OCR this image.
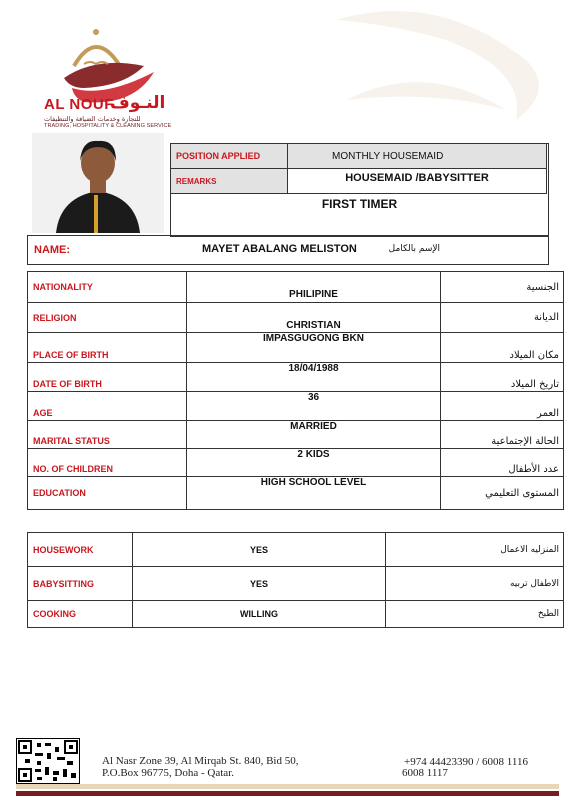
AL NOUF
النـوف
للتجارة وخدمات الضيافة والتنظيفات
TRADING, HOSPITALITY & CLEANING SERVICE
POSITION APPLIED	MONTHLY HOUSEMAID

REMARKS	HOUSEMAID /BABYSITTER
FIRST TIMER
NAME:	MAYET ABALANG MELISTON	الإسم بالكامل
NATIONALITY	PHILIPINE	الجنسية

RELIGION	CHRISTIAN	الديانة

PLACE OF BIRTH	IMPASGUGONG BKN	مكان الميلاد

DATE OF BIRTH	18/04/1988	تاريخ الميلاد

AGE	36	العمر

MARITAL STATUS	MARRIED	الحالة الإجتماعية

NO. OF CHILDREN	2 KIDS	عدد الأطفال

EDUCATION	HIGH SCHOOL LEVEL	المستوى التعليمي
HOUSEWORK	YES	المنزليه الاعمال

BABYSITTING	YES	الاطفال تربيه

COOKING	WILLING	الطبخ
Al Nasr Zone 39, Al Mirqab St. 840, Bid 50,
P.O.Box 96775, Doha - Qatar.
+974 44423390 / 6008 1116
6008 1117
